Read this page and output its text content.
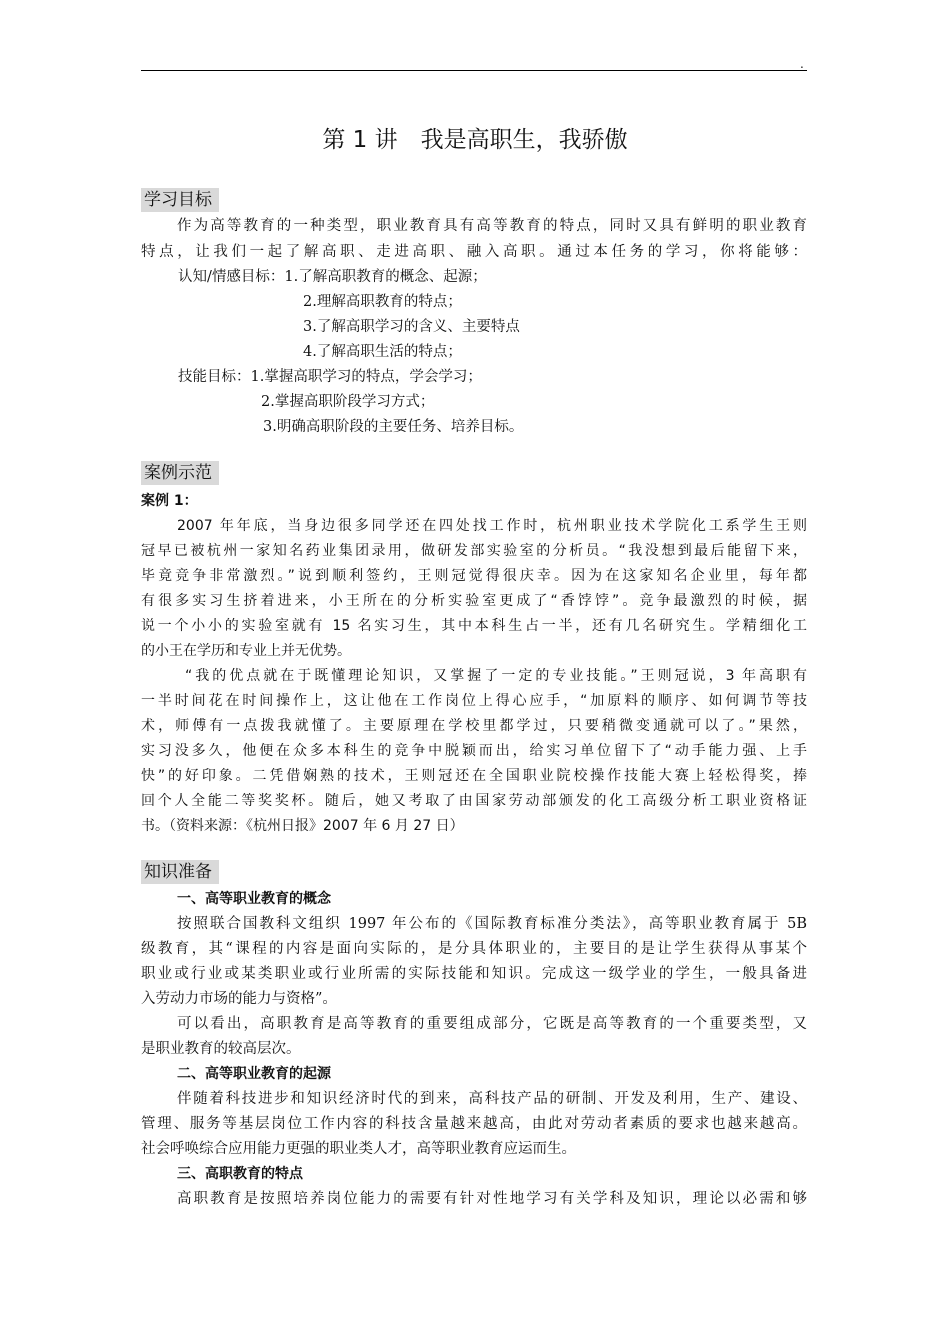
.
第 1 讲　我是高职生，我骄傲
学习目标
作为高等教育的一种类型，职业教育具有高等教育的特点，同时又具有鲜明的职业教育
特点，让我们一起了解高职、走进高职、融入高职。通过本任务的学习，你将能够：
认知/情感目标：1.了解高职教育的概念、起源；
2.理解高职教育的特点；
3.了解高职学习的含义、主要特点
4.了解高职生活的特点；
技能目标：1.掌握高职学习的特点，学会学习；
2.掌握高职阶段学习方式；
3.明确高职阶段的主要任务、培养目标。
案例示范
案例 1：
2007 年年底，当身边很多同学还在四处找工作时，杭州职业技术学院化工系学生王则
冠早已被杭州一家知名药业集团录用，做研发部实验室的分析员。“我没想到最后能留下来，
毕竟竞争非常激烈。”说到顺利签约，王则冠觉得很庆幸。因为在这家知名企业里，每年都
有很多实习生挤着进来，小王所在的分析实验室更成了“香饽饽”。竞争最激烈的时候，据
说一个小小的实验室就有 15 名实习生，其中本科生占一半，还有几名研究生。学精细化工
的小王在学历和专业上并无优势。
“我的优点就在于既懂理论知识，又掌握了一定的专业技能。”王则冠说，3 年高职有
一半时间花在时间操作上，这让他在工作岗位上得心应手，“加原料的顺序、如何调节等技
术，师傅有一点拨我就懂了。主要原理在学校里都学过，只要稍微变通就可以了。”果然，
实习没多久，他便在众多本科生的竞争中脱颖而出，给实习单位留下了“动手能力强、上手
快”的好印象。二凭借娴熟的技术，王则冠还在全国职业院校操作技能大赛上轻松得奖，捧
回个人全能二等奖奖杯。随后，她又考取了由国家劳动部颁发的化工高级分析工职业资格证
书。（资料来源：《杭州日报》2007 年 6 月 27 日）
知识准备
一、高等职业教育的概念
按照联合国教科文组织 1997 年公布的《国际教育标准分类法》，高等职业教育属于 5B
级教育，其“课程的内容是面向实际的，是分具体职业的，主要目的是让学生获得从事某个
职业或行业或某类职业或行业所需的实际技能和知识。完成这一级学业的学生，一般具备进
入劳动力市场的能力与资格”。
可以看出，高职教育是高等教育的重要组成部分，它既是高等教育的一个重要类型，又
是职业教育的较高层次。
二、高等职业教育的起源
伴随着科技进步和知识经济时代的到来，高科技产品的研制、开发及利用，生产、建设、
管理、服务等基层岗位工作内容的科技含量越来越高，由此对劳动者素质的要求也越来越高。
社会呼唤综合应用能力更强的职业类人才，高等职业教育应运而生。
三、高职教育的特点
高职教育是按照培养岗位能力的需要有针对性地学习有关学科及知识，理论以必需和够
